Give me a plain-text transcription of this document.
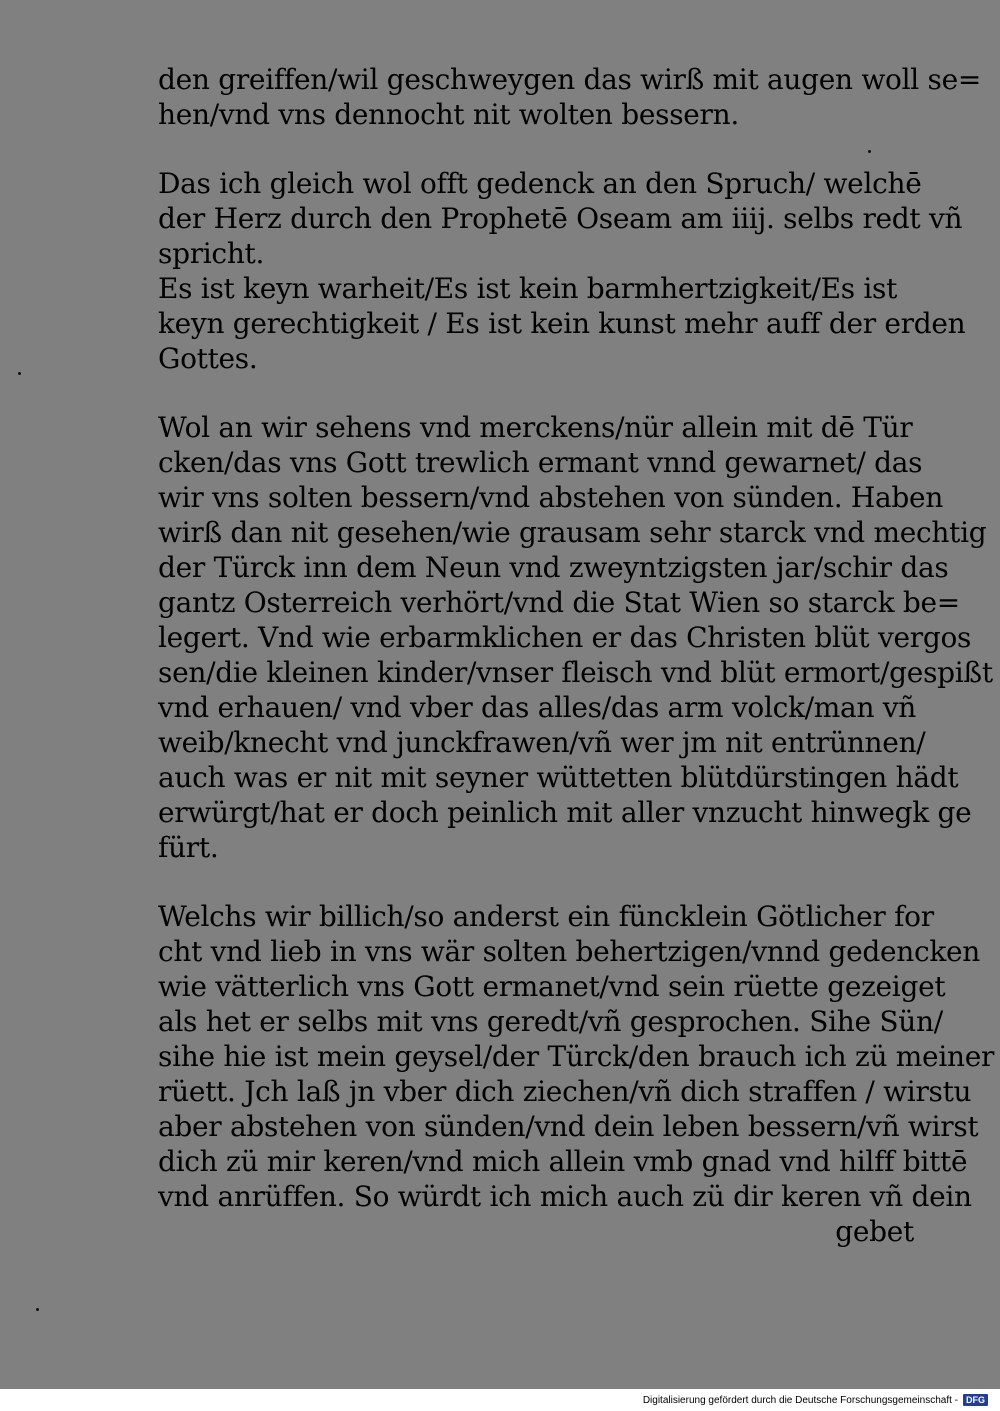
den greiffen/wil geschweygen das wirß mit augen woll se=
hen/vnd vns dennocht nit wolten bessern.
Das ich gleich wol offt gedenck an den Spruch/ welchē
der Herz durch den Prophetē Oseam am iiij. selbs redt vñ
spricht.
Es ist keyn warheit/Es ist kein barmhertzigkeit/Es ist
keyn gerechtigkeit / Es ist kein kunst mehr auff der erden
Gottes.
Wol an wir sehens vnd merckens/nür allein mit dē Tür
cken/das vns Gott trewlich ermant vnnd gewarnet/ das
wir vns solten bessern/vnd abstehen von sünden. Haben
wirß dan nit gesehen/wie grausam sehr starck vnd mechtig
der Türck inn dem Neun vnd zweyntzigsten jar/schir das
gantz Osterreich verhört/vnd die Stat Wien so starck be=
legert. Vnd wie erbarmklichen er das Christen blüt vergos
sen/die kleinen kinder/vnser fleisch vnd blüt ermort/gespißt
vnd erhauen/ vnd vber das alles/das arm volck/man vñ
weib/knecht vnd junckfrawen/vñ wer jm nit entrünnen/
auch was er nit mit seyner wüttetten blütdürstingen hädt
erwürgt/hat er doch peinlich mit aller vnzucht hinwegk ge
fürt.
Welchs wir billich/so anderst ein füncklein Götlicher for
cht vnd lieb in vns wär solten behertzigen/vnnd gedencken
wie vätterlich vns Gott ermanet/vnd sein rüette gezeiget
als het er selbs mit vns geredt/vñ gesprochen. Sihe Sün/
sihe hie ist mein geysel/der Türck/den brauch ich zü meiner
rüett. Jch laß jn vber dich ziechen/vñ dich straffen / wirstu
aber abstehen von sünden/vnd dein leben bessern/vñ wirst
dich zü mir keren/vnd mich allein vmb gnad vnd hilff bittē
vnd anrüffen. So würdt ich mich auch zü dir keren vñ dein
gebet
Digitalisierung gefördert durch die Deutsche Forschungsgemeinschaft - DFG
